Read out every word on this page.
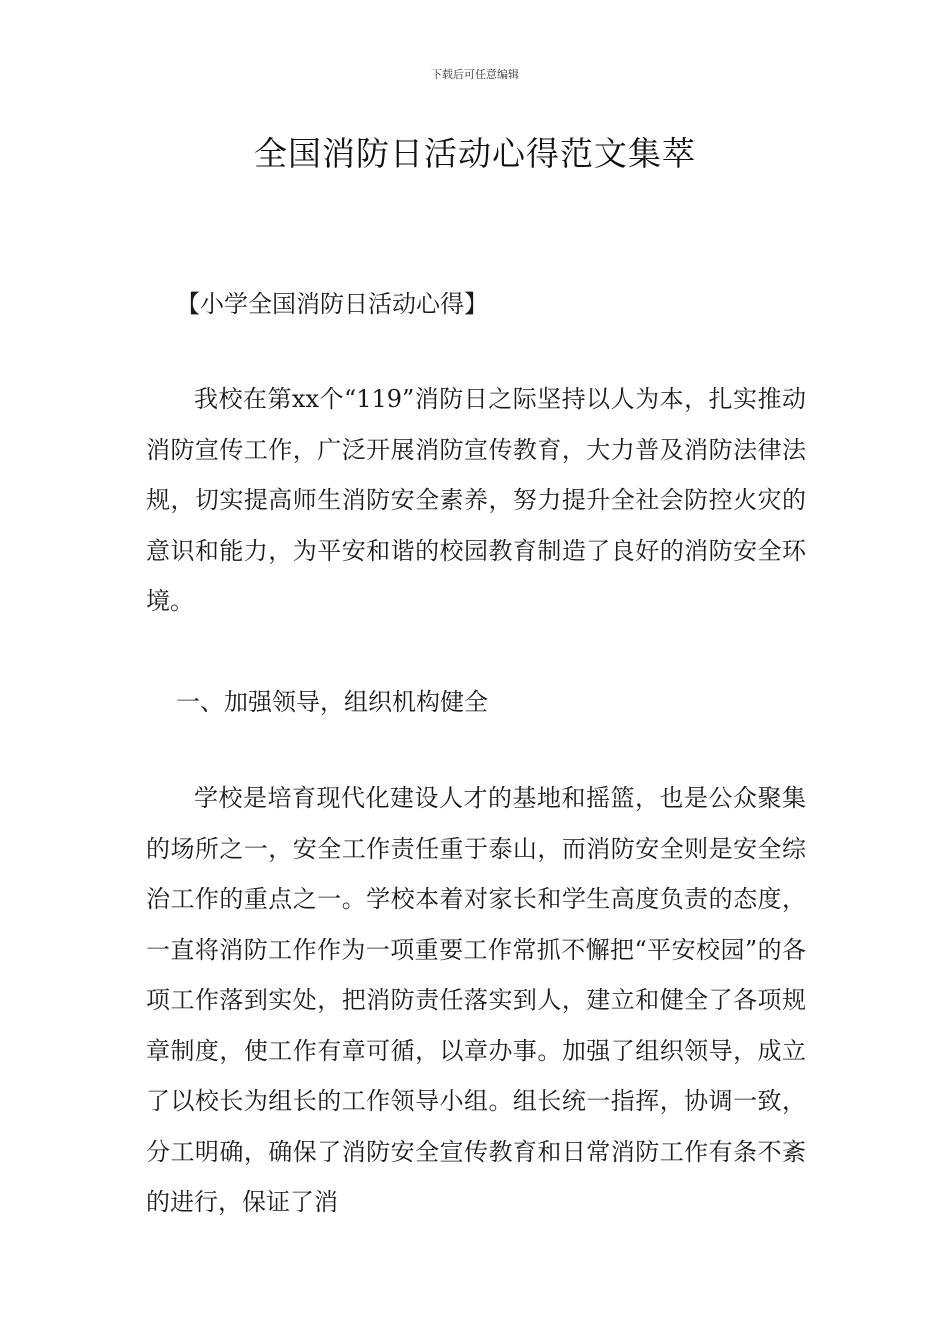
下载后可任意编辑
全国消防日活动心得范文集萃
【小学全国消防日活动心得】

我校在第xx个“119”消防日之际坚持以人为本，扎实推动消防宣传工作，广泛开展消防宣传教育，大力普及消防法律法规，切实提高师生消防安全素养，努力提升全社会防控火灾的意识和能力，为平安和谐的校园教育制造了良好的消防安全环境。

一、加强领导，组织机构健全

学校是培育现代化建设人才的基地和摇篮，也是公众聚集的场所之一，安全工作责任重于泰山，而消防安全则是安全综治工作的重点之一。学校本着对家长和学生高度负责的态度，一直将消防工作作为一项重要工作常抓不懈把“平安校园”的各项工作落到实处，把消防责任落实到人，建立和健全了各项规章制度，使工作有章可循，以章办事。加强了组织领导，成立了以校长为组长的工作领导小组。组长统一指挥，协调一致，分工明确，确保了消防安全宣传教育和日常消防工作有条不紊的进行，保证了消
